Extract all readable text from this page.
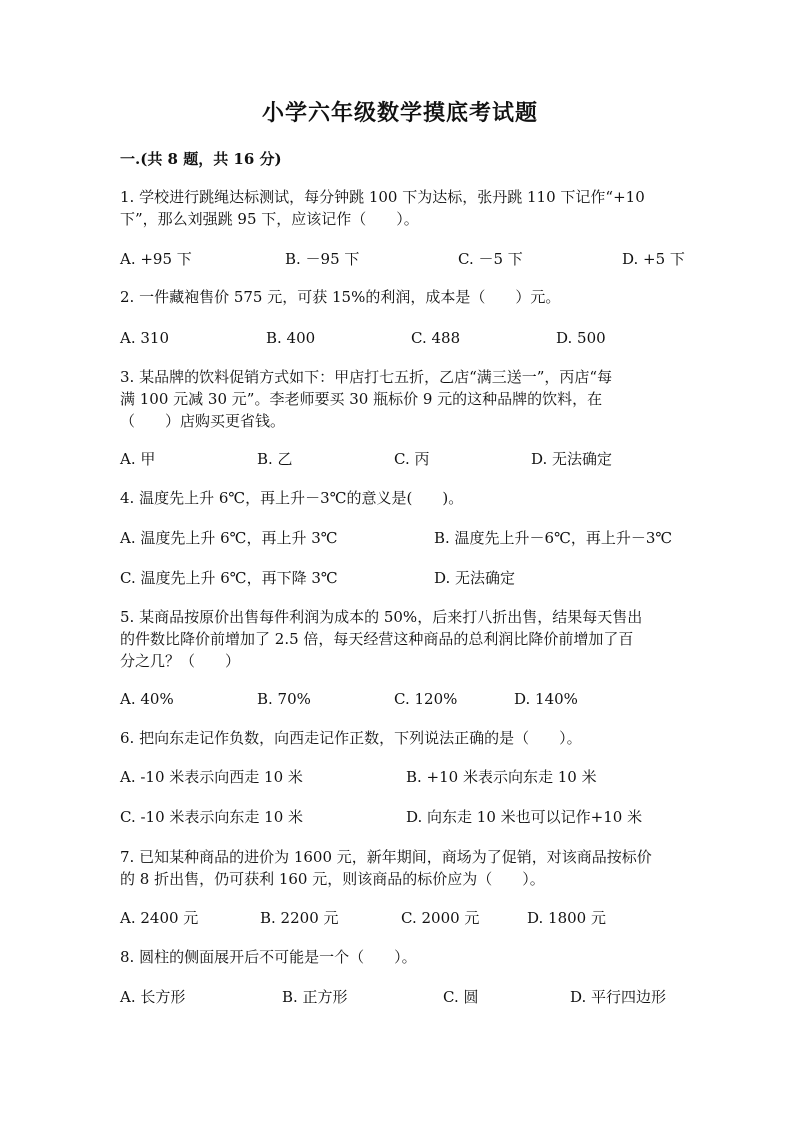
小学六年级数学摸底考试题
一.(共 8 题，共 16 分)
1. 学校进行跳绳达标测试，每分钟跳 100 下为达标，张丹跳 110 下记作“+10
下”，那么刘强跳 95 下，应该记作（　　）。
A. +95 下	B. －95 下	C. －5 下	D. +5 下
2. 一件藏袍售价 575 元，可获 15%的利润，成本是（　　）元。
A. 310	B. 400	C. 488	D. 500
3. 某品牌的饮料促销方式如下：甲店打七五折，乙店“满三送一”，丙店“每
满 100 元减 30 元”。李老师要买 30 瓶标价 9 元的这种品牌的饮料，在
（　　）店购买更省钱。
A. 甲	B. 乙	C. 丙	D. 无法确定
4. 温度先上升 6℃，再上升－3℃的意义是(　　)。
A. 温度先上升 6℃，再上升 3℃	B. 温度先上升－6℃，再上升－3℃
C. 温度先上升 6℃，再下降 3℃	D. 无法确定
5. 某商品按原价出售每件利润为成本的 50%，后来打八折出售，结果每天售出
的件数比降价前增加了 2.5 倍，每天经营这种商品的总利润比降价前增加了百
分之几？（　　）
A. 40%	B. 70%	C. 120%	D. 140%
6. 把向东走记作负数，向西走记作正数，下列说法正确的是（　　）。
A. -10 米表示向西走 10 米	B. +10 米表示向东走 10 米
C. -10 米表示向东走 10 米	D. 向东走 10 米也可以记作+10 米
7. 已知某种商品的进价为 1600 元，新年期间，商场为了促销，对该商品按标价
的 8 折出售，仍可获利 160 元，则该商品的标价应为（　　）。
A. 2400 元	B. 2200 元	C. 2000 元	D. 1800 元
8. 圆柱的侧面展开后不可能是一个（　　）。
A. 长方形	B. 正方形	C. 圆	D. 平行四边形
